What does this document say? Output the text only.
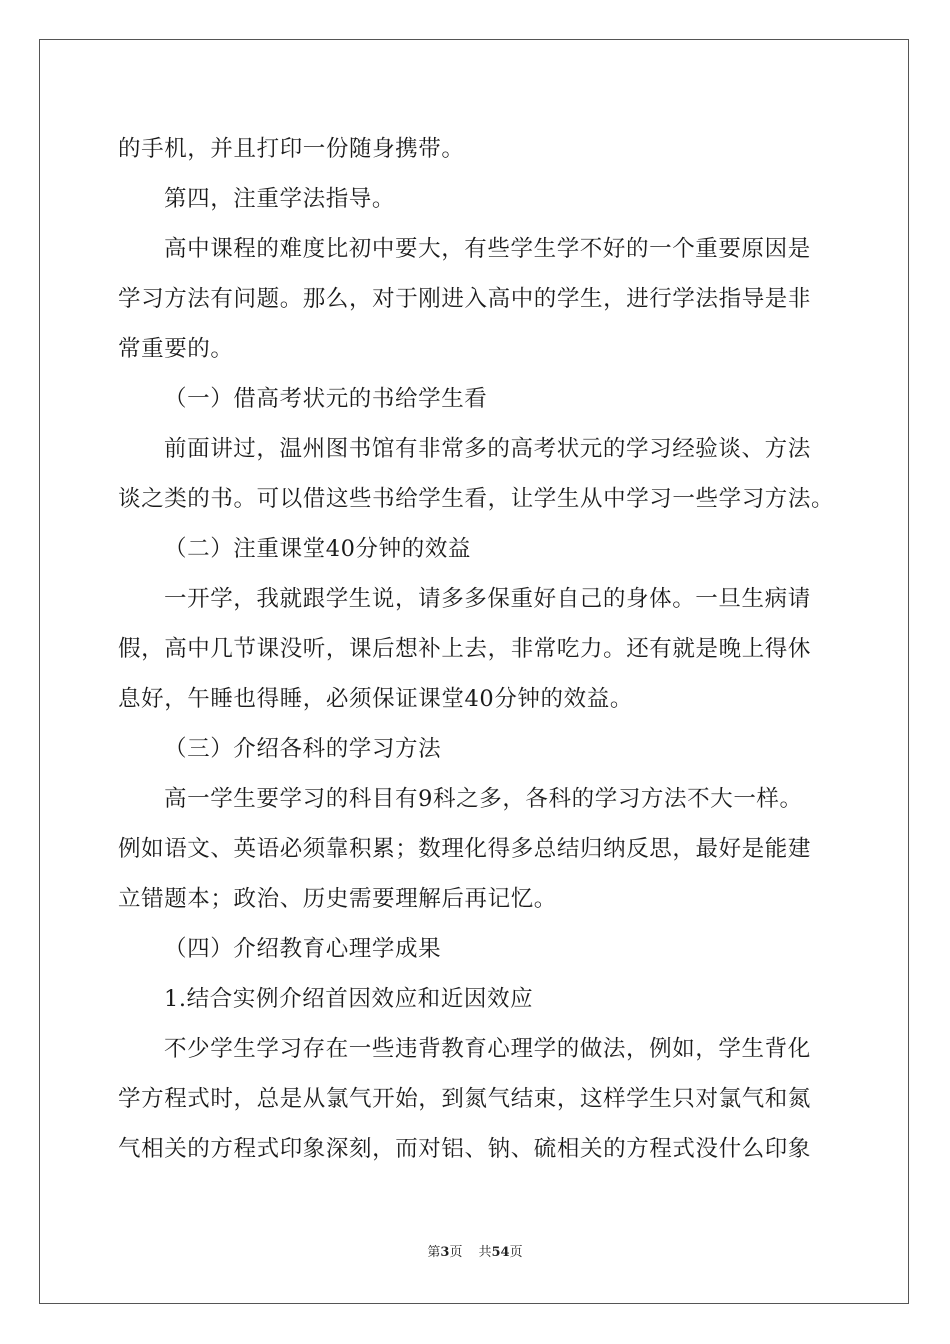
的手机，并且打印一份随身携带。
第四，注重学法指导。
高中课程的难度比初中要大，有些学生学不好的一个重要原因是
学习方法有问题。那么，对于刚进入高中的学生，进行学法指导是非
常重要的。
（一）借高考状元的书给学生看
前面讲过，温州图书馆有非常多的高考状元的学习经验谈、方法
谈之类的书。可以借这些书给学生看，让学生从中学习一些学习方法。
（二）注重课堂40分钟的效益
一开学，我就跟学生说，请多多保重好自己的身体。一旦生病请
假，高中几节课没听，课后想补上去，非常吃力。还有就是晚上得休
息好，午睡也得睡，必须保证课堂40分钟的效益。
（三）介绍各科的学习方法
高一学生要学习的科目有9科之多，各科的学习方法不大一样。
例如语文、英语必须靠积累；数理化得多总结归纳反思，最好是能建
立错题本；政治、历史需要理解后再记忆。
（四）介绍教育心理学成果
1.结合实例介绍首因效应和近因效应
不少学生学习存在一些违背教育心理学的做法，例如，学生背化
学方程式时，总是从氯气开始，到氮气结束，这样学生只对氯气和氮
气相关的方程式印象深刻，而对铝、钠、硫相关的方程式没什么印象
第3页 共54页
